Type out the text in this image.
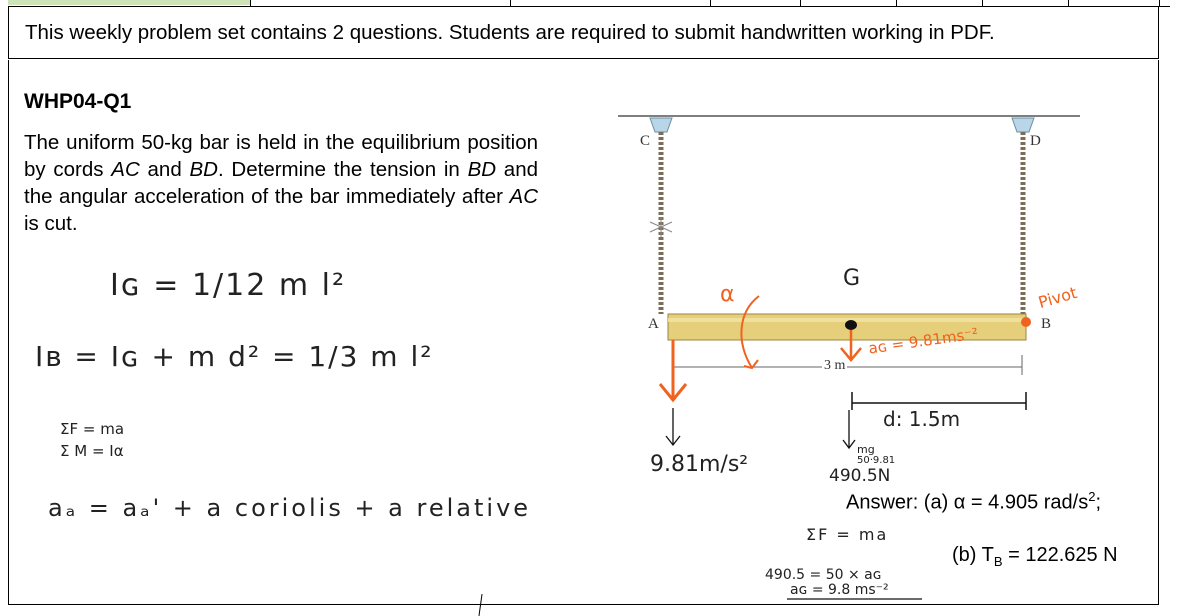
This weekly problem set contains 2 questions. Students are required to submit handwritten working in PDF.
WHP04-Q1
The uniform 50-kg bar is held in the equilibrium position by cords AC and BD. Determine the tension in BD and the angular acceleration of the bar immediately after AC is cut.
Iɢ = 1/12 m l²
Iʙ = Iɢ + m d² = 1/3 m l²
ΣF = ma
Σ M = Iα
aₐ = aₐ' + a coriolis + a relative
C	D
A	B
G
α
3 m
Pivot
aɢ = 9.81ms⁻²
d: 1.5m
9.81m/s²
mg
50·9.81
490.5N
Answer: (a) α = 4.905 rad/$s^2$;
(b) $T_B = 122.625$ N
ΣF = ma
490.5 = 50 × aɢ
aɢ = 9.8 ms⁻²
